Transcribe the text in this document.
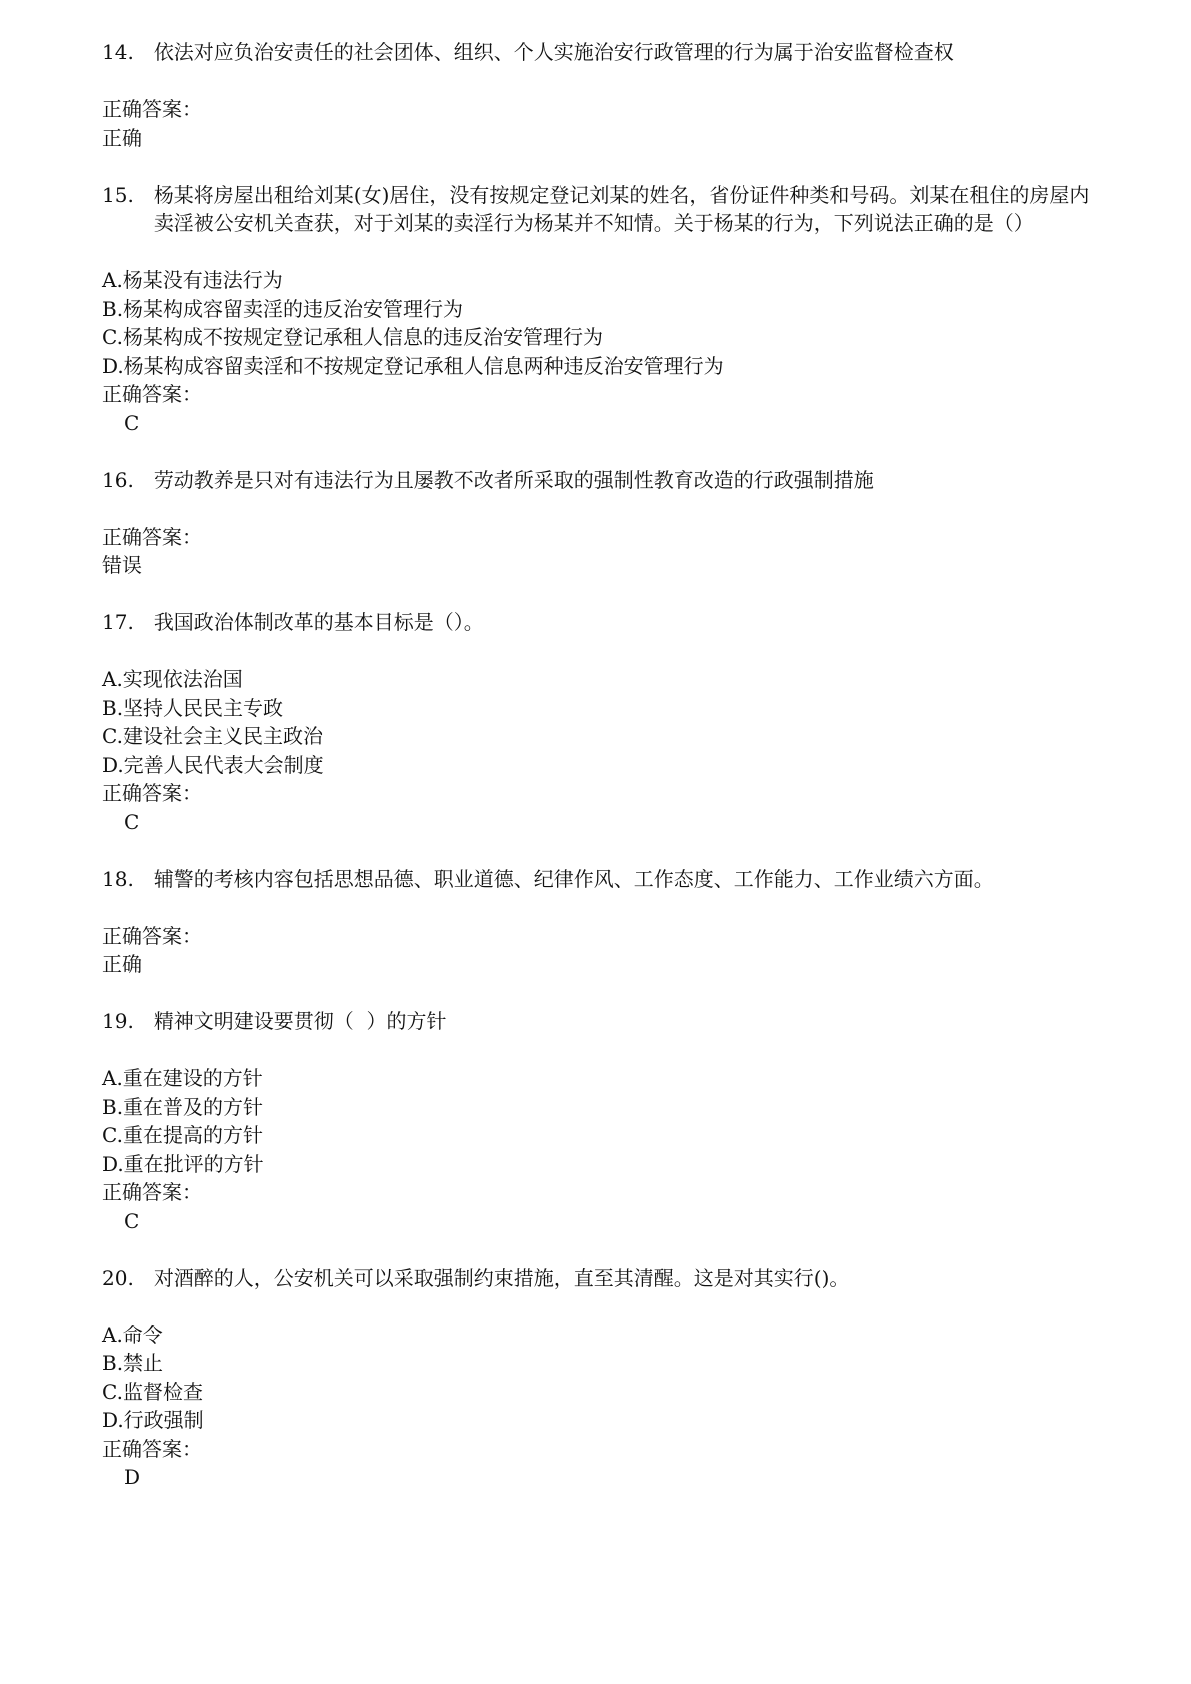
14. 依法对应负治安责任的社会团体、组织、个人实施治安行政管理的行为属于治安监督检查权
正确答案：
正确
15. 杨某将房屋出租给刘某(女)居住，没有按规定登记刘某的姓名，省份证件种类和号码。刘某在租住的房屋内卖淫被公安机关查获，对于刘某的卖淫行为杨某并不知情。关于杨某的行为，下列说法正确的是（）
A.杨某没有违法行为
B.杨某构成容留卖淫的违反治安管理行为
C.杨某构成不按规定登记承租人信息的违反治安管理行为
D.杨某构成容留卖淫和不按规定登记承租人信息两种违反治安管理行为
正确答案：
C
16. 劳动教养是只对有违法行为且屡教不改者所采取的强制性教育改造的行政强制措施
正确答案：
错误
17. 我国政治体制改革的基本目标是（）。
A.实现依法治国
B.坚持人民民主专政
C.建设社会主义民主政治
D.完善人民代表大会制度
正确答案：
C
18. 辅警的考核内容包括思想品德、职业道德、纪律作风、工作态度、工作能力、工作业绩六方面。
正确答案：
正确
19. 精神文明建设要贯彻（  ）的方针
A.重在建设的方针
B.重在普及的方针
C.重在提高的方针
D.重在批评的方针
正确答案：
C
20. 对酒醉的人，公安机关可以采取强制约束措施，直至其清醒。这是对其实行()。
A.命令
B.禁止
C.监督检查
D.行政强制
正确答案：
D
